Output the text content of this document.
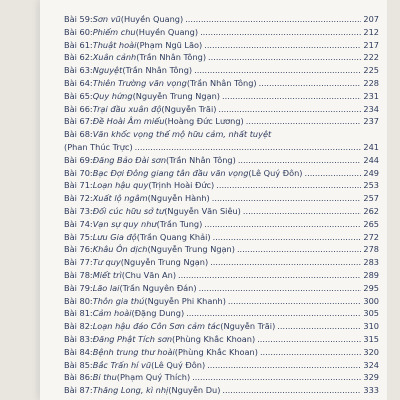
Bài 59: Sơn vũ (Huyền Quang) .....	207
Bài 60: Phiếm chu (Huyền Quang) .....	212
Bài 61: Thuật hoài (Phạm Ngũ Lão) .....	217
Bài 62: Xuân cảnh (Trần Nhân Tông) .....	222
Bài 63: Nguyệt (Trần Nhân Tông) .....	225
Bài 64: Thiên Trường vãn vọng (Trần Nhân Tông) .....	228
Bài 65: Quy hứng (Nguyễn Trung Ngạn) .....	231
Bài 66: Trại đầu xuân độ (Nguyễn Trãi) .....	234
Bài 67: Đề Hoài Âm miếu (Hoàng Đức Lương) .....	237
Bài 68: Văn khốc vọng thế mộ hữu cảm, nhất tuyệt
(Phan Thúc Trực) .....	241
Bài 69: Đăng Bảo Đài sơn (Trần Nhân Tông) .....	244
Bài 70: Bạc Đợi Đông giang tân đầu vãn vọng (Lê Quý Đôn) .....	249
Bài 71: Loạn hậu quy (Trịnh Hoài Đức) .....	253
Bài 72: Xuất lộ ngâm (Nguyễn Hành) .....	257
Bài 73: Đối cúc hữu sở tư (Nguyễn Văn Siêu) .....	262
Bài 74: Vạn sự quy như (Trần Tung) .....	265
Bài 75: Lưu Gia độ (Trần Quang Khải) .....	272
Bài 76: Khâu Ôn dịch (Nguyễn Trung Ngạn) .....	278
Bài 77: Tư quy (Nguyễn Trung Ngạn) .....	283
Bài 78: Miết trì (Chu Văn An) .....	289
Bài 79: Lão lai (Trần Nguyên Đán) .....	295
Bài 80: Thôn gia thú (Nguyễn Phi Khanh) .....	300
Bài 81: Cảm hoài (Đặng Dung) .....	305
Bài 82: Loạn hậu đáo Côn Sơn cảm tác (Nguyễn Trãi) .....	310
Bài 83: Đăng Phật Tích sơn (Phùng Khắc Khoan) .....	315
Bài 84: Bệnh trung thư hoài (Phùng Khắc Khoan) .....	320
Bài 85: Bắc Trấn hí vũ (Lê Quý Đôn) .....	324
Bài 86: Bi thu (Phạm Quý Thích) .....	329
Bài 87: Thăng Long, kì nhị (Nguyễn Du) .....	333
